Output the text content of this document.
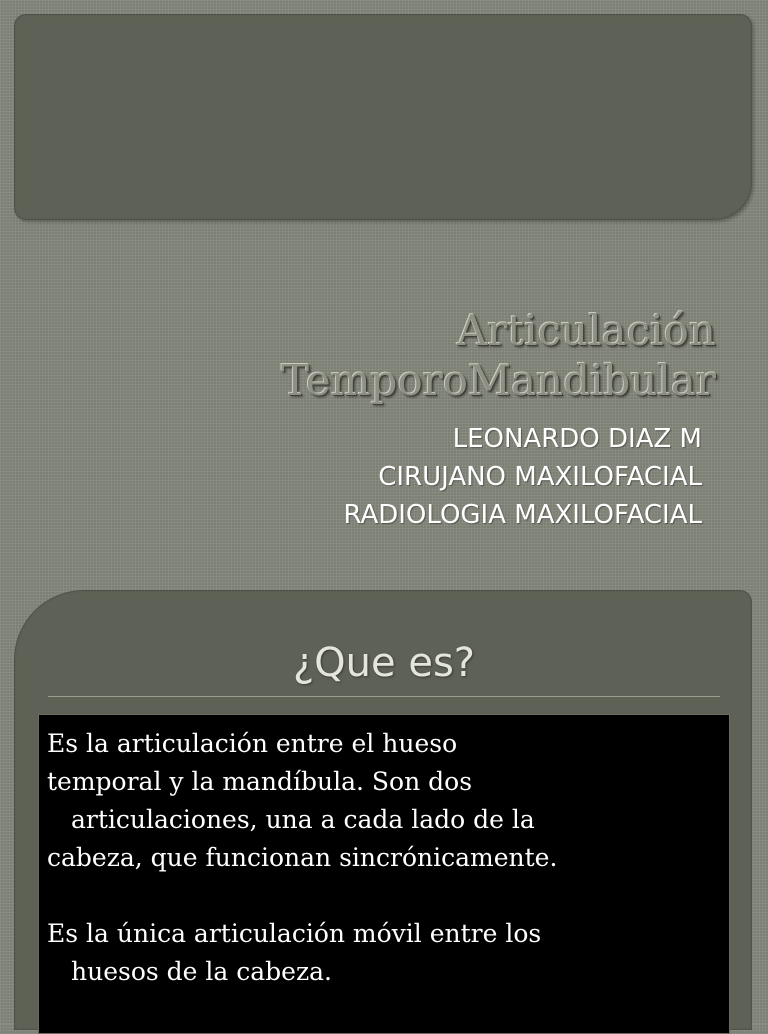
Articulación
TemporoMandibular
LEONARDO DIAZ M
CIRUJANO MAXILOFACIAL
RADIOLOGIA MAXILOFACIAL
¿Que es?

Es la articulación entre el hueso
temporal y la mandíbula. Son dos
articulaciones, una a cada lado de la
cabeza, que funcionan sincrónicamente.

Es la única articulación móvil entre los
huesos de la cabeza.
